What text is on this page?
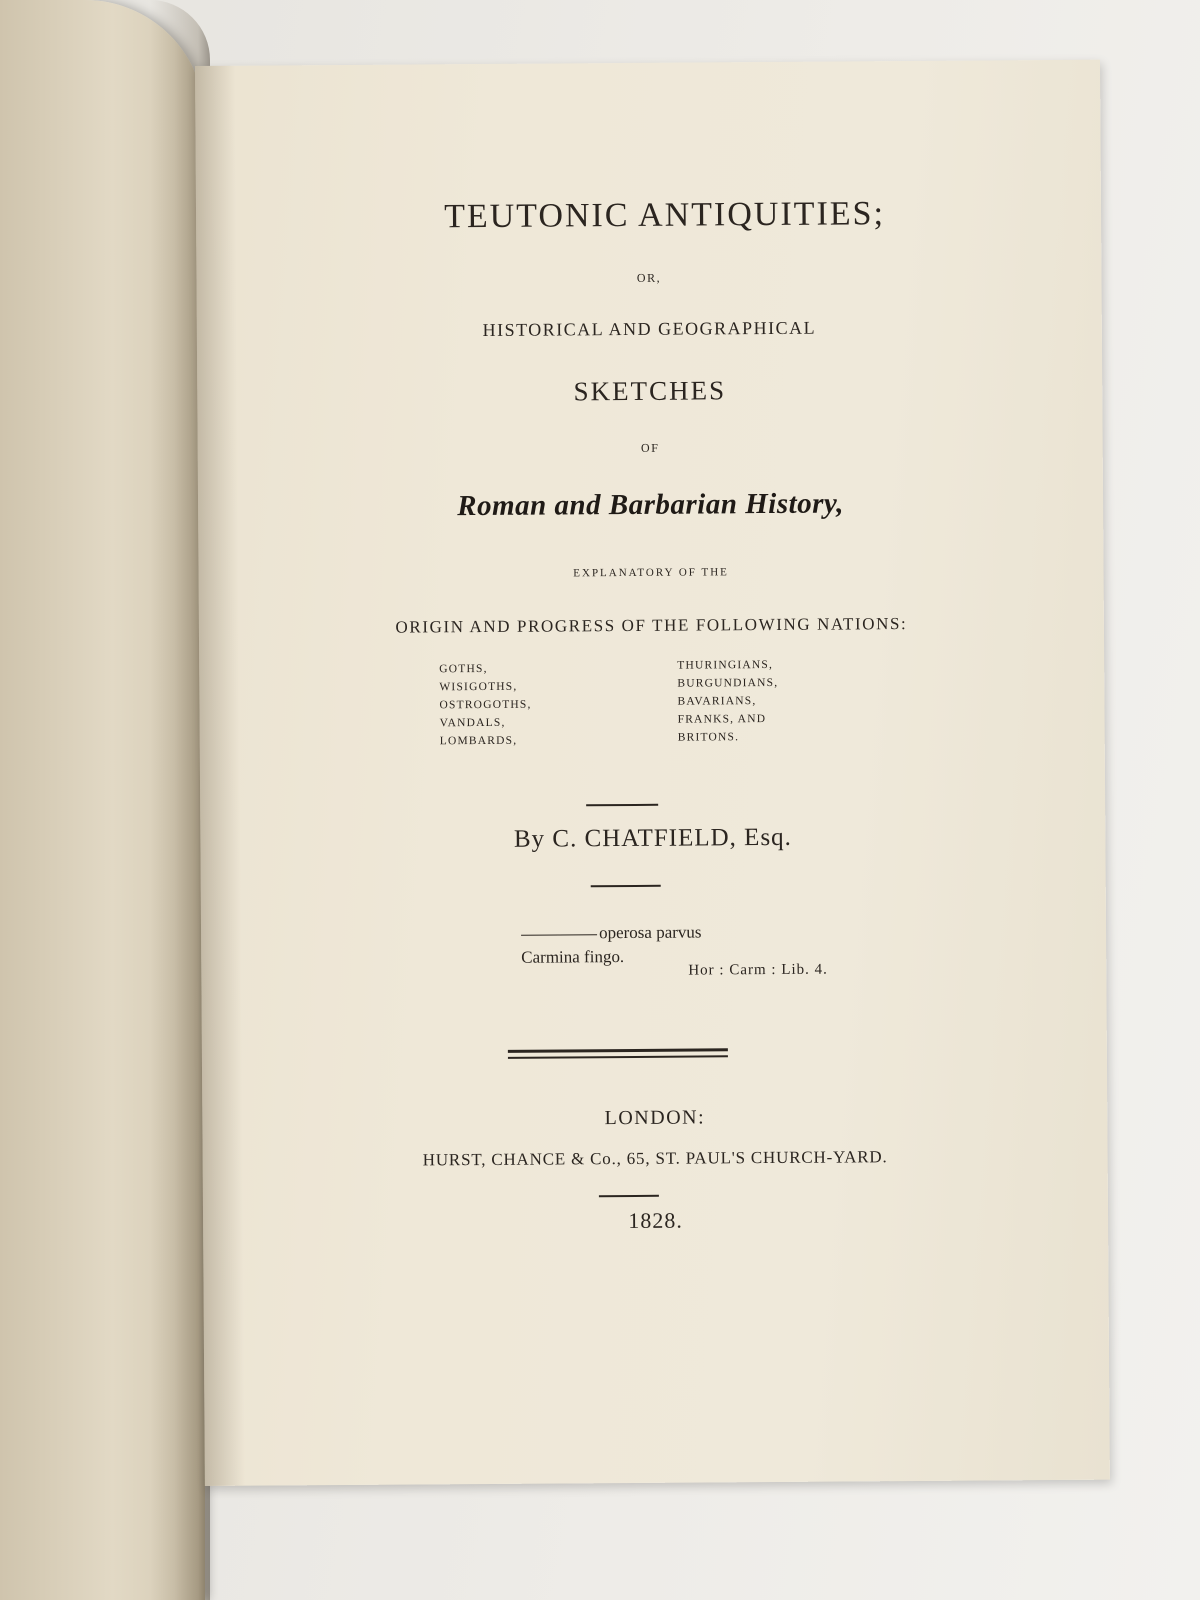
TEUTONIC ANTIQUITIES;
OR,
HISTORICAL AND GEOGRAPHICAL
SKETCHES
OF
Roman and Barbarian History,
EXPLANATORY OF THE
ORIGIN AND PROGRESS OF THE FOLLOWING NATIONS:
GOTHS,
WISIGOTHS,
OSTROGOTHS,
VANDALS,
LOMBARDS,
THURINGIANS,
BURGUNDIANS,
BAVARIANS,
FRANKS, AND
BRITONS.
By C. CHATFIELD, Esq.
operosa parvus
Carmina fingo.
Hor : Carm : Lib. 4.
LONDON:
HURST, CHANCE & Co., 65, ST. PAUL'S CHURCH-YARD.
1828.
